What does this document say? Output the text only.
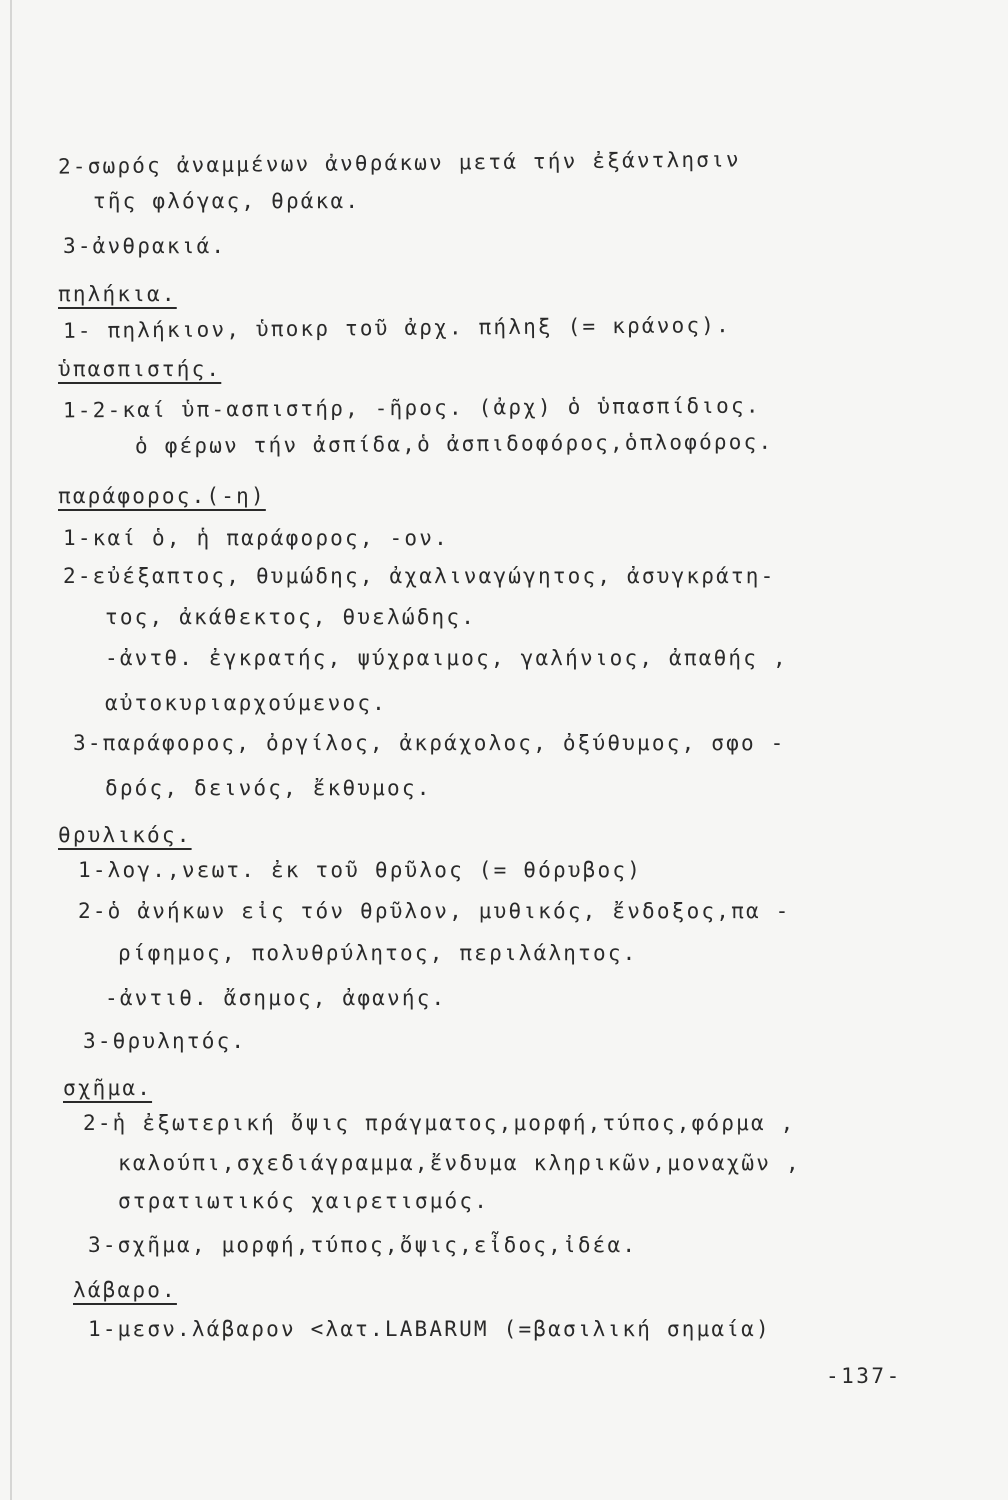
2-σωρός ἀναμμένων ἀνθράκων μετά τήν ἐξάντλησιν
τῆς φλόγας, θράκα.
3-ἀνθρακιά.
πηλήκια.
1- πηλήκιον, ὑποκρ τοῦ ἀρχ. πήληξ (= κράνος).
ὑπασπιστής.
1-2-καί ὑπ-ασπιστήρ, -ῆρος. (ἀρχ) ὁ ὑπασπίδιος.
ὁ φέρων τήν ἀσπίδα,ὁ ἀσπιδοφόρος,ὁπλοφόρος.
παράφορος.(-η)
1-καί ὁ, ἡ παράφορος, -ον.
2-εὐέξαπτος, θυμώδης, ἀχαλιναγώγητος, ἀσυγκράτη-
τος, ἀκάθεκτος, θυελώδης.
-ἀντθ. ἐγκρατής, ψύχραιμος, γαλήνιος, ἀπαθής ,
αὐτοκυριαρχούμενος.
3-παράφορος, ὀργίλος, ἀκράχολος, ὀξύθυμος, σφο -
δρός, δεινός, ἔκθυμος.
θρυλικός.
1-λογ.,νεωτ. ἐκ τοῦ θρῦλος (= θόρυβος)
2-ὁ ἀνήκων εἰς τόν θρῦλον, μυθικός, ἔνδοξος,πα -
ρίφημος, πολυθρύλητος, περιλάλητος.
-ἀντιθ. ἄσημος, ἀφανής.
3-θρυλητός.
σχῆμα.
2-ἡ ἐξωτερική ὄψις πράγματος,μορφή,τύπος,φόρμα ,
καλούπι,σχεδιάγραμμα,ἔνδυμα κληρικῶν,μοναχῶν ,
στρατιωτικός χαιρετισμός.
3-σχῆμα, μορφή,τύπος,ὄψις,εἶδος,ἰδέα.
λάβαρο.
1-μεσν.λάβαρον <λατ.LABARUM (=βασιλική σημαία)
-137-
